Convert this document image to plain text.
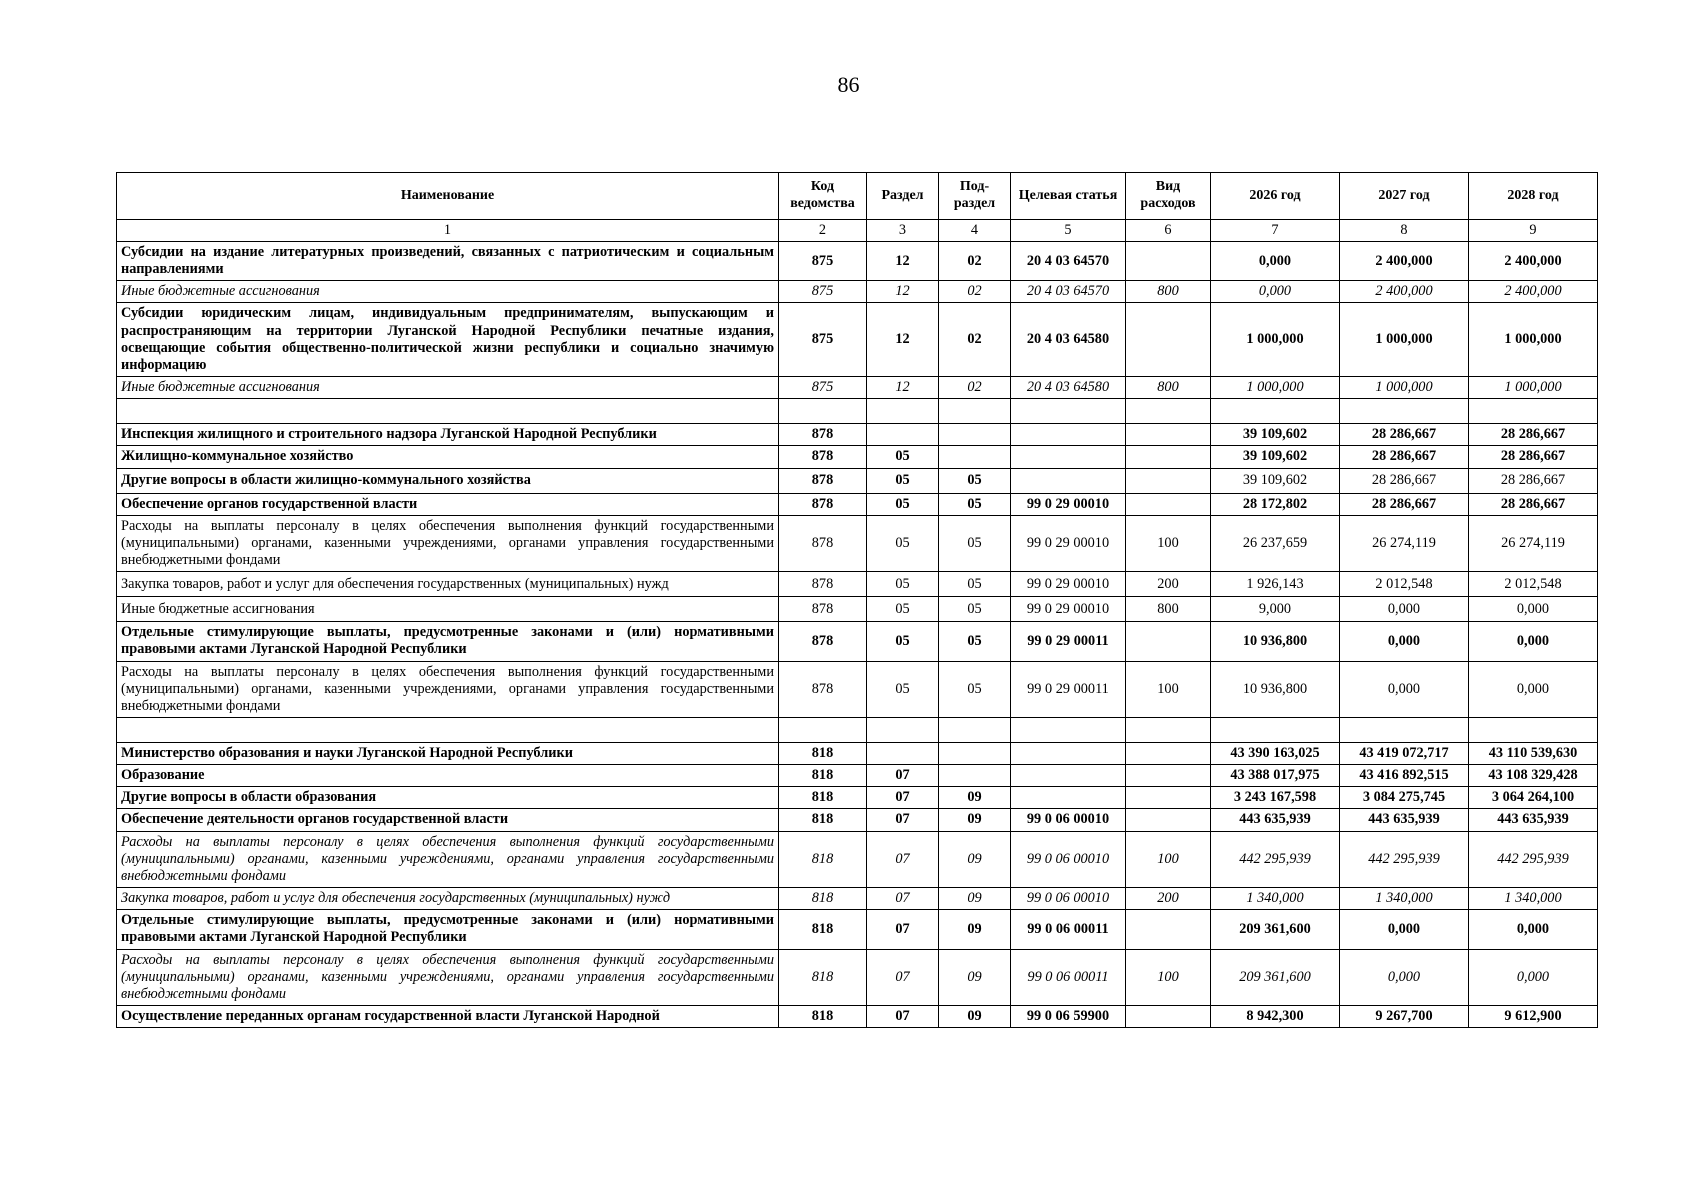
86
Наименование	Код ведомства	Раздел	Под-раздел	Целевая статья	Вид расходов	2026 год	2027 год	2028 год
1	2	3	4	5	6	7	8	9
Субсидии на издание литературных произведений, связанных с патриотическим и социальным направлениями	875	12	02	20 4 03 64570		0,000	2 400,000	2 400,000
Иные бюджетные ассигнования	875	12	02	20 4 03 64570	800	0,000	2 400,000	2 400,000
Субсидии юридическим лицам, индивидуальным предпринимателям, выпускающим и распространяющим на территории Луганской Народной Республики печатные издания, освещающие события общественно-политической жизни республики и социально значимую информацию	875	12	02	20 4 03 64580		1 000,000	1 000,000	1 000,000
Иные бюджетные ассигнования	875	12	02	20 4 03 64580	800	1 000,000	1 000,000	1 000,000

Инспекция жилищного и строительного надзора Луганской Народной Республики	878					39 109,602	28 286,667	28 286,667
Жилищно-коммунальное хозяйство	878	05				39 109,602	28 286,667	28 286,667
Другие вопросы в области жилищно-коммунального хозяйства	878	05	05			39 109,602	28 286,667	28 286,667
Обеспечение органов государственной власти	878	05	05	99 0 29 00010		28 172,802	28 286,667	28 286,667
Расходы на выплаты персоналу в целях обеспечения выполнения функций государственными (муниципальными) органами, казенными учреждениями, органами управления государственными внебюджетными фондами	878	05	05	99 0 29 00010	100	26 237,659	26 274,119	26 274,119
Закупка товаров, работ и услуг для обеспечения государственных (муниципальных) нужд	878	05	05	99 0 29 00010	200	1 926,143	2 012,548	2 012,548
Иные бюджетные ассигнования	878	05	05	99 0 29 00010	800	9,000	0,000	0,000
Отдельные стимулирующие выплаты, предусмотренные законами и (или) нормативными правовыми актами Луганской Народной Республики	878	05	05	99 0 29 00011		10 936,800	0,000	0,000
Расходы на выплаты персоналу в целях обеспечения выполнения функций государственными (муниципальными) органами, казенными учреждениями, органами управления государственными внебюджетными фондами	878	05	05	99 0 29 00011	100	10 936,800	0,000	0,000

Министерство образования и науки Луганской Народной Республики	818					43 390 163,025	43 419 072,717	43 110 539,630
Образование	818	07				43 388 017,975	43 416 892,515	43 108 329,428
Другие вопросы в области образования	818	07	09			3 243 167,598	3 084 275,745	3 064 264,100
Обеспечение деятельности органов государственной власти	818	07	09	99 0 06 00010		443 635,939	443 635,939	443 635,939
Расходы на выплаты персоналу в целях обеспечения выполнения функций государственными (муниципальными) органами, казенными учреждениями, органами управления государственными внебюджетными фондами	818	07	09	99 0 06 00010	100	442 295,939	442 295,939	442 295,939
Закупка товаров, работ и услуг для обеспечения государственных (муниципальных) нужд	818	07	09	99 0 06 00010	200	1 340,000	1 340,000	1 340,000
Отдельные стимулирующие выплаты, предусмотренные законами и (или) нормативными правовыми актами Луганской Народной Республики	818	07	09	99 0 06 00011		209 361,600	0,000	0,000
Расходы на выплаты персоналу в целях обеспечения выполнения функций государственными (муниципальными) органами, казенными учреждениями, органами управления государственными внебюджетными фондами	818	07	09	99 0 06 00011	100	209 361,600	0,000	0,000
Осуществление переданных органам государственной власти Луганской Народной	818	07	09	99 0 06 59900		8 942,300	9 267,700	9 612,900
